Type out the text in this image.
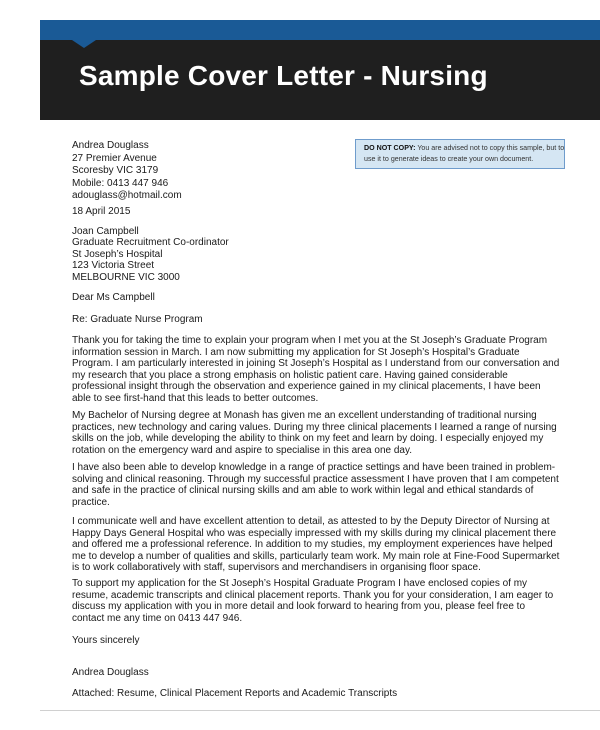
Sample Cover Letter - Nursing
Andrea Douglass
27 Premier Avenue
Scoresby VIC 3179
Mobile: 0413 447 946
adouglass@hotmail.com
DO NOT COPY: You are advised not to copy this sample, but to
use it to generate ideas to create your own document.
18 April 2015
Joan Campbell
Graduate Recruitment Co-ordinator
St Joseph’s Hospital
123 Victoria Street
MELBOURNE VIC 3000
Dear Ms Campbell
Re: Graduate Nurse Program
Thank you for taking the time to explain your program when I met you at the St Joseph’s Graduate Program
information session in March. I am now submitting my application for St Joseph’s Hospital’s Graduate
Program. I am particularly interested in joining St Joseph’s Hospital as I understand from our conversation and
my research that you place a strong emphasis on holistic patient care. Having gained considerable
professional insight through the observation and experience gained in my clinical placements, I have been
able to see first-hand that this leads to better outcomes.
My Bachelor of Nursing degree at Monash has given me an excellent understanding of traditional nursing
practices, new technology and caring values. During my three clinical placements I learned a range of nursing
skills on the job, while developing the ability to think on my feet and learn by doing. I especially enjoyed my
rotation on the emergency ward and aspire to specialise in this area one day.
I have also been able to develop knowledge in a range of practice settings and have been trained in problem-
solving and clinical reasoning. Through my successful practice assessment I have proven that I am competent
and safe in the practice of clinical nursing skills and am able to work within legal and ethical standards of
practice.
I communicate well and have excellent attention to detail, as attested to by the Deputy Director of Nursing at
Happy Days General Hospital who was especially impressed with my skills during my clinical placement there
and offered me a professional reference. In addition to my studies, my employment experiences have helped
me to develop a number of qualities and skills, particularly team work. My main role at Fine-Food Supermarket
is to work collaboratively with staff, supervisors and merchandisers in organising floor space.
To support my application for the St Joseph’s Hospital Graduate Program I have enclosed copies of my
resume, academic transcripts and clinical placement reports. Thank you for your consideration, I am eager to
discuss my application with you in more detail and look forward to hearing from you, please feel free to
contact me any time on 0413 447 946.
Yours sincerely
Andrea Douglass
Attached: Resume, Clinical Placement Reports and Academic Transcripts
